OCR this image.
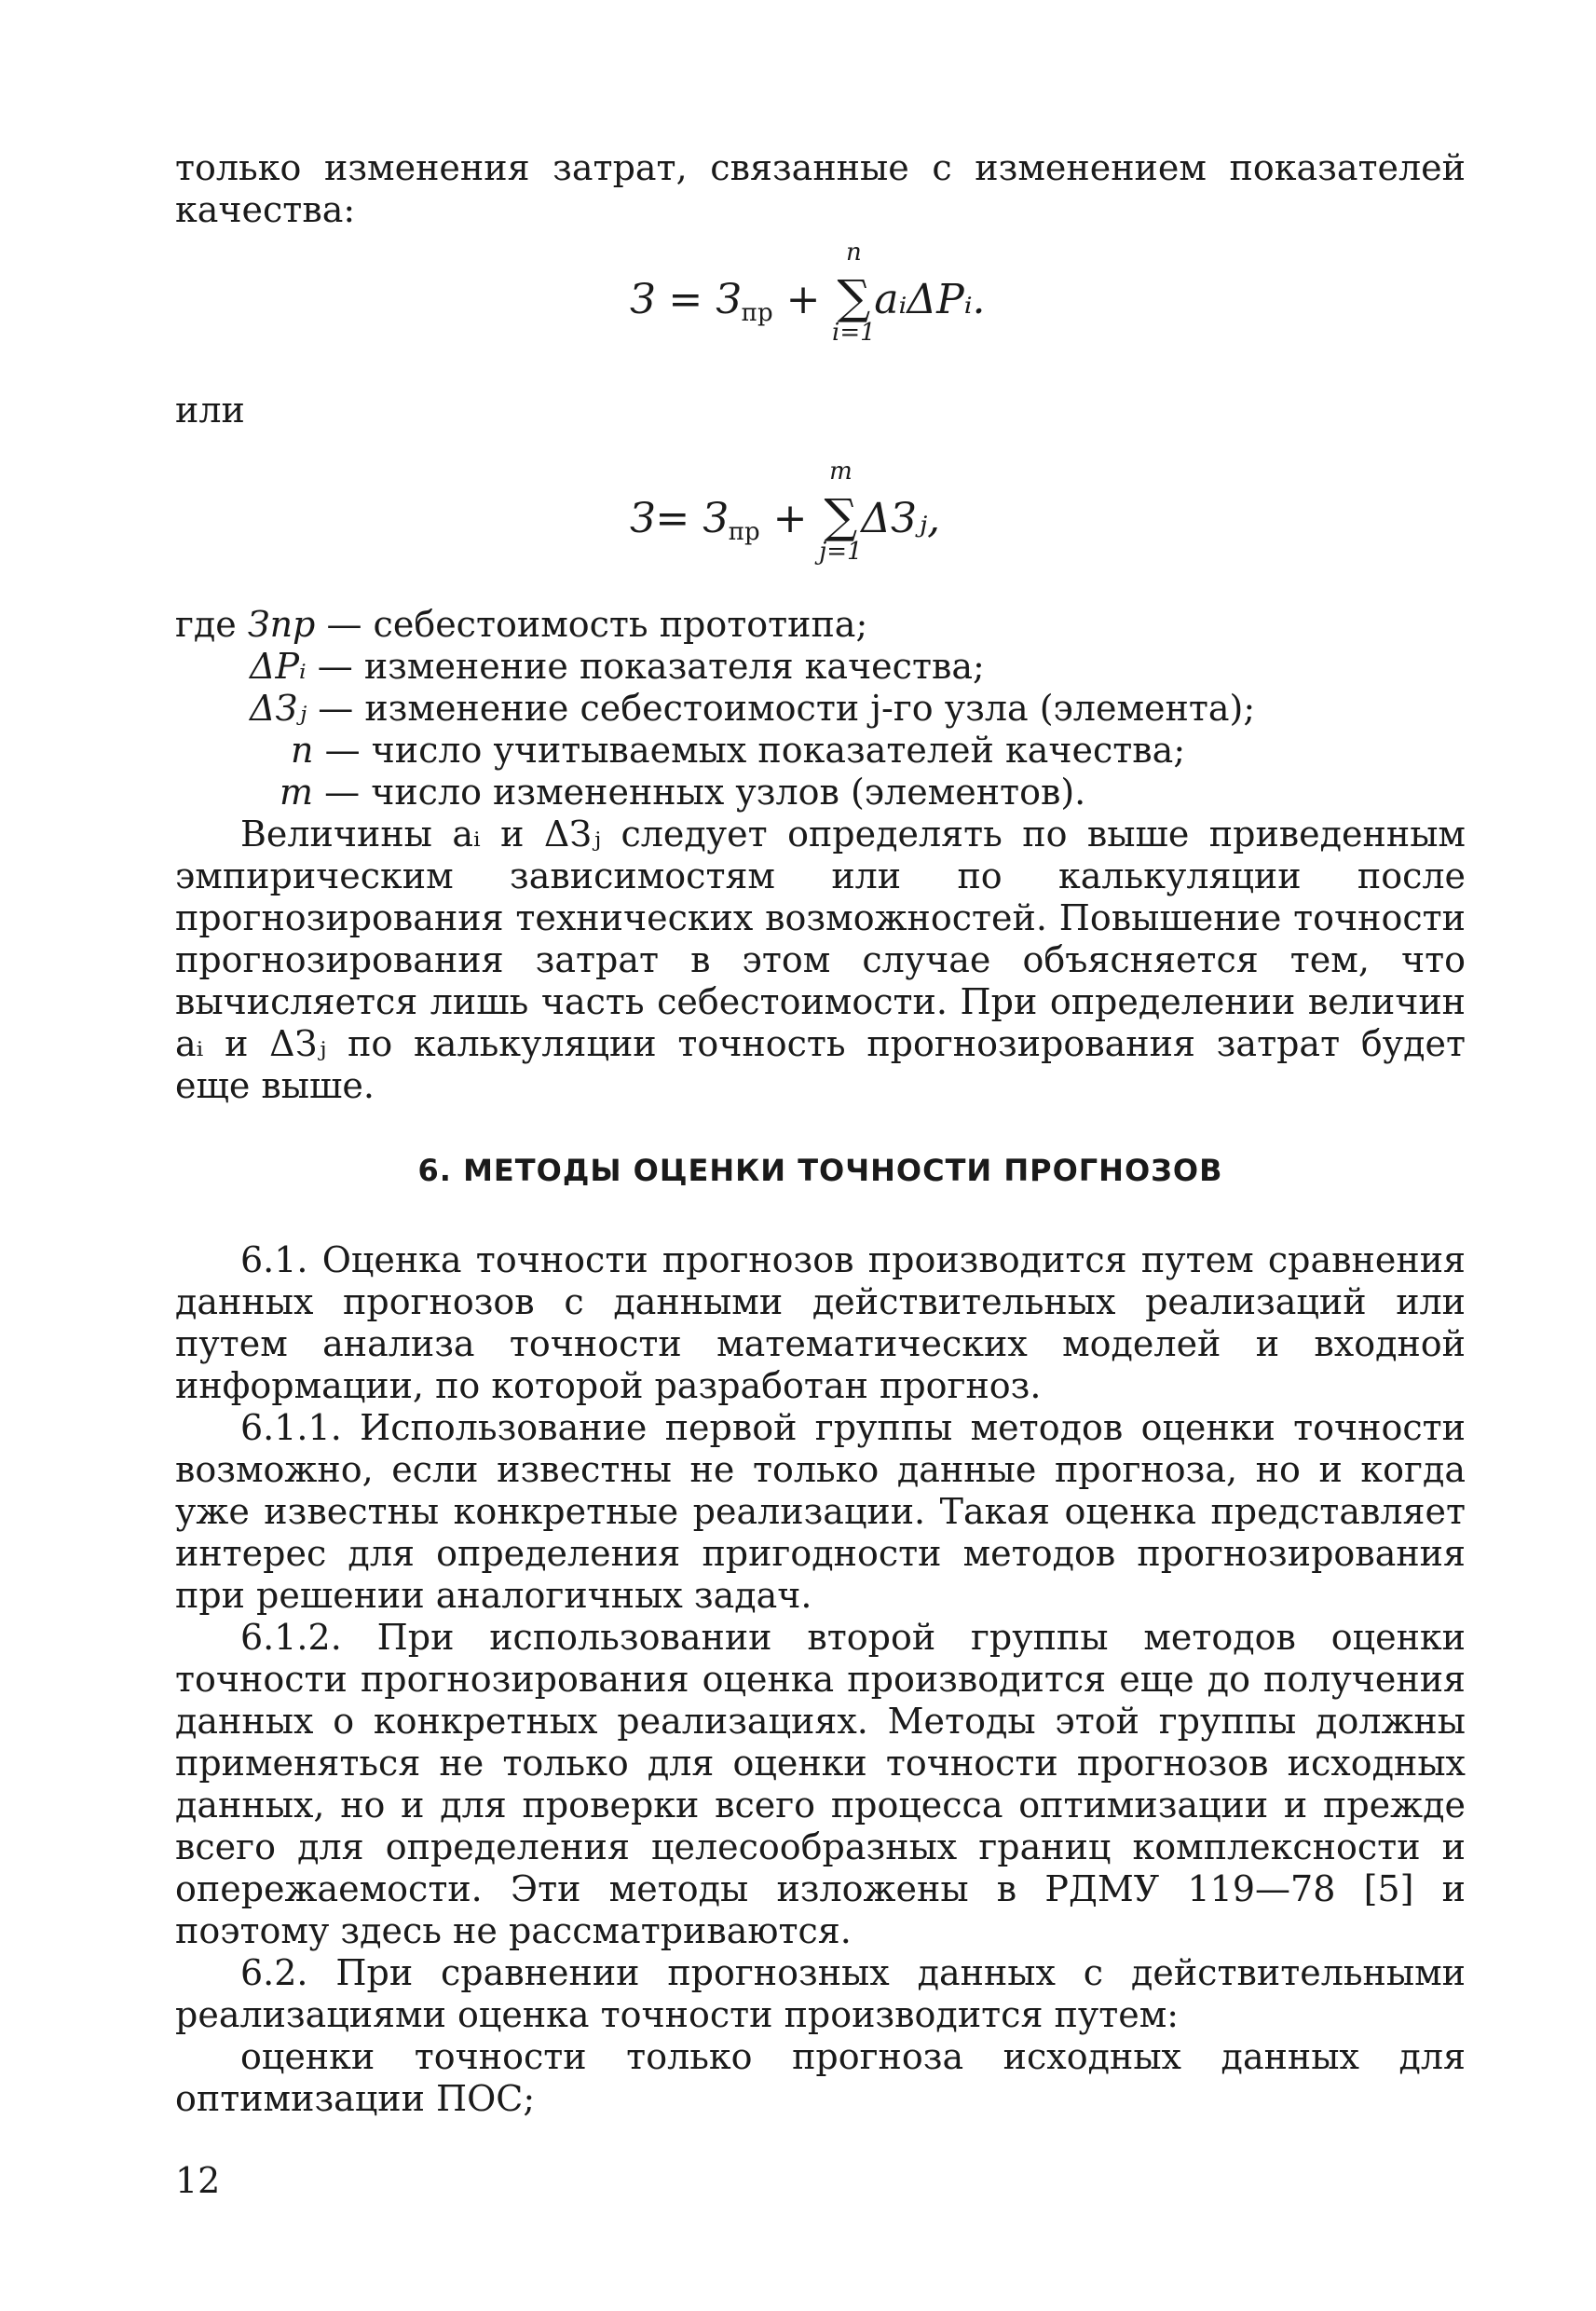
только изменения затрат, связанные с изменением показателей качества:

$З = З_{пр}$ + ∑
n
i=1
aᵢΔPᵢ.
или
$З= З_{пр}$ + ∑
m
j=1
ΔЗⱼ,
где Зпр — себестоимость прототипа;
ΔPᵢ — изменение показателя качества;
ΔЗⱼ — изменение себестоимости j-го узла (элемента);
n — число учитываемых показателей качества;
m — число измененных узлов (элементов).

Величины aᵢ и ΔЗⱼ следует определять по выше приведенным эмпирическим зависимостям или по калькуляции после прогнозирования технических возможностей. Повышение точности прогнозирования затрат в этом случае объясняется тем, что вычисляется лишь часть себестоимости. При определении величин aᵢ и ΔЗⱼ по калькуляции точность прогнозирования затрат будет еще выше.

6. МЕТОДЫ ОЦЕНКИ ТОЧНОСТИ ПРОГНОЗОВ

6.1. Оценка точности прогнозов производится путем сравнения данных прогнозов с данными действительных реализаций или путем анализа точности математических моделей и входной информации, по которой разработан прогноз.

6.1.1. Использование первой группы методов оценки точности возможно, если известны не только данные прогноза, но и когда уже известны конкретные реализации. Такая оценка представляет интерес для определения пригодности методов прогнозирования при решении аналогичных задач.

6.1.2. При использовании второй группы методов оценки точности прогнозирования оценка производится еще до получения данных о конкретных реализациях. Методы этой группы должны применяться не только для оценки точности прогнозов исходных данных, но и для проверки всего процесса оптимизации и прежде всего для определения целесообразных границ комплексности и опережаемости. Эти методы изложены в РДМУ 119—78 [5] и поэтому здесь не рассматриваются.

6.2. При сравнении прогнозных данных с действительными реализациями оценка точности производится путем:

оценки точности только прогноза исходных данных для оптимизации ПОС;

12
